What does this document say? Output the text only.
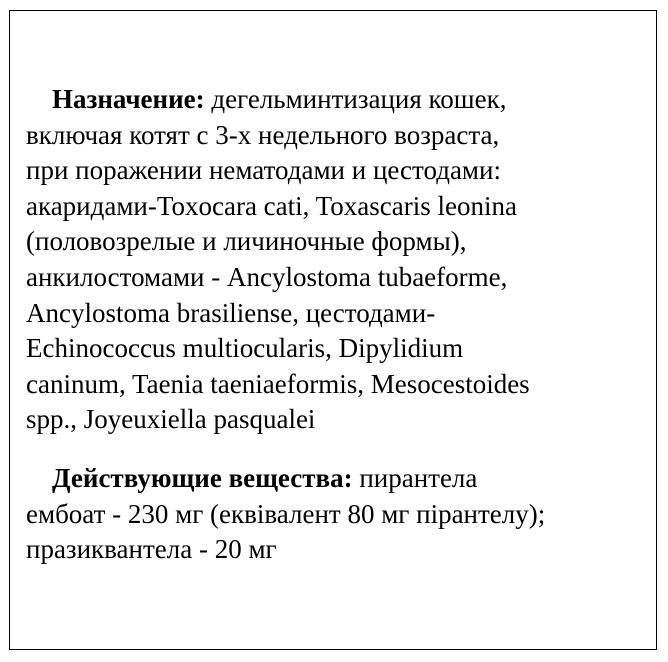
Назначение: дегельминтизация кошек,
включая котят с 3-х недельного возраста,
при поражении нематодами и цестодами:
акаридами-Toxocara cati, Toxascaris leonina
(половозрелые и личиночные формы),
анкилостомами - Ancylostoma tubaeforme,
Ancylostoma brasiliense, цестодами-
Echinococcus multiocularis, Dipylidium
caninum, Taenia taeniaeformis, Mesocestoides
spp., Joyeuxiella pasqualei
Действующие вещества: пирантела
ембоат - 230 мг (еквівалент 80 мг пірантелу);
празиквантела - 20 мг
